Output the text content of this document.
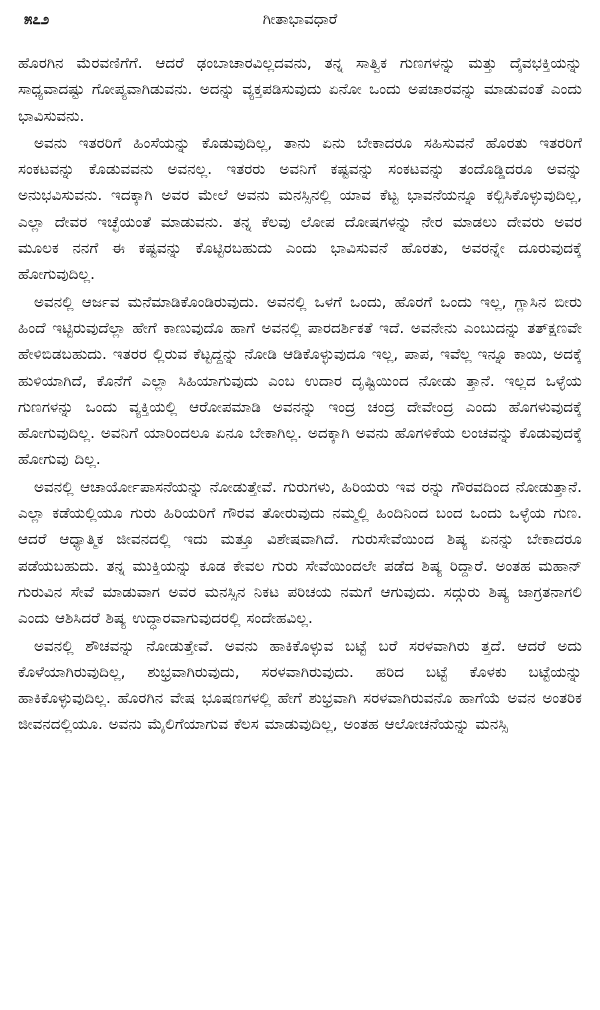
೫೭೨	ಗೀತಾಭಾವಧಾರೆ

ಹೊರಗಿನ ಮೆರವಣಿಗೆಗೆ. ಆದರೆ ಢಂಬಾಚಾರವಿಲ್ಲದವನು, ತನ್ನ ಸಾತ್ವಿಕ ಗುಣಗಳನ್ನು ಮತ್ತು ದೈವಭಕ್ತಿಯನ್ನು ಸಾಧ್ಯವಾದಷ್ಟು ಗೋಪ್ಯವಾಗಿಡುವನು. ಅದನ್ನು ವ್ಯಕ್ತಪಡಿಸುವುದು ಏನೋ ಒಂದು ಅಪಚಾರವನ್ನು ಮಾಡುವಂತೆ ಎಂದು ಭಾವಿಸುವನು.

ಅವನು ಇತರರಿಗೆ ಹಿಂಸೆಯನ್ನು ಕೊಡುವುದಿಲ್ಲ, ತಾನು ಏನು ಬೇಕಾದರೂ ಸಹಿಸುವನೆ ಹೊರತು ಇತರರಿಗೆ ಸಂಕಟವನ್ನು ಕೊಡುವವನು ಅವನಲ್ಲ. ಇತರರು ಅವನಿಗೆ ಕಷ್ಟವನ್ನು ಸಂಕಟವನ್ನು ತಂದೊಡ್ಡಿದರೂ ಅವನ್ನು ಅನುಭವಿಸುವನು. ಇದಕ್ಕಾಗಿ ಅವರ ಮೇಲೆ ಅವನು ಮನಸ್ಸಿನಲ್ಲಿ ಯಾವ ಕೆಟ್ಟ ಭಾವನೆಯನ್ನೂ ಕಲ್ಪಿಸಿಕೊಳ್ಳುವುದಿಲ್ಲ, ಎಲ್ಲಾ ದೇವರ ಇಚ್ಛೆಯಂತೆ ಮಾಡುವನು. ತನ್ನ ಕೆಲವು ಲೋಪ ದೋಷಗಳನ್ನು ನೇರ ಮಾಡಲು ದೇವರು ಅವರ ಮೂಲಕ ನನಗೆ ಈ ಕಷ್ಟವನ್ನು ಕೊಟ್ಟಿರಬಹುದು ಎಂದು ಭಾವಿಸುವನೆ ಹೊರತು, ಅವರನ್ನೇ ದೂರುವುದಕ್ಕೆ ಹೋಗುವುದಿಲ್ಲ.

ಅವನಲ್ಲಿ ಆರ್ಜವ ಮನೆಮಾಡಿಕೊಂಡಿರುವುದು. ಅವನಲ್ಲಿ ಒಳಗೆ ಒಂದು, ಹೊರಗೆ ಒಂದು ಇಲ್ಲ, ಗ್ಲಾಸಿನ ಬೀರು ಹಿಂದೆ ಇಟ್ಟಿರುವುದೆಲ್ಲಾ ಹೇಗೆ ಕಾಣುವುದೊ ಹಾಗೆ ಅವನಲ್ಲಿ ಪಾರದರ್ಶಿಕತೆ ಇದೆ. ಅವನೇನು ಎಂಬುದನ್ನು ತತ್‌ಕ್ಷಣವೇ ಹೇಳಿಬಿಡಬಹುದು. ಇತರರ ಲ್ಲಿರುವ ಕೆಟ್ಟದ್ದನ್ನು ನೋಡಿ ಆಡಿಕೊಳ್ಳುವುದೂ ಇಲ್ಲ, ಪಾಪ, ಇವೆಲ್ಲ ಇನ್ನೂ ಕಾಯಿ, ಅದಕ್ಕೆ ಹುಳಿಯಾಗಿದೆ, ಕೊನೆಗೆ ಎಲ್ಲಾ ಸಿಹಿಯಾಗುವುದು ಎಂಬ ಉದಾರ ದೃಷ್ಟಿಯಿಂದ ನೋಡು ತ್ತಾನೆ. ಇಲ್ಲದ ಒಳ್ಳೆಯ ಗುಣಗಳನ್ನು ಒಂದು ವ್ಯಕ್ತಿಯಲ್ಲಿ ಆರೋಪಮಾಡಿ ಅವನನ್ನು ಇಂದ್ರ ಚಂದ್ರ ದೇವೇಂದ್ರ ಎಂದು ಹೊಗಳುವುದಕ್ಕೆ ಹೋಗುವುದಿಲ್ಲ. ಅವನಿಗೆ ಯಾರಿಂದಲೂ ಏನೂ ಬೇಕಾಗಿಲ್ಲ. ಅದಕ್ಕಾಗಿ ಅವನು ಹೊಗಳಿಕೆಯ ಲಂಚವನ್ನು ಕೊಡುವುದಕ್ಕೆ ಹೋಗುವು ದಿಲ್ಲ.

ಅವನಲ್ಲಿ ಆಚಾರ್ಯೋಪಾಸನೆಯನ್ನು ನೋಡುತ್ತೇವೆ. ಗುರುಗಳು, ಹಿರಿಯರು ಇವ ರನ್ನು ಗೌರವದಿಂದ ನೋಡುತ್ತಾನೆ. ಎಲ್ಲಾ ಕಡೆಯಲ್ಲಿಯೂ ಗುರು ಹಿರಿಯರಿಗೆ ಗೌರವ ತೋರುವುದು ನಮ್ಮಲ್ಲಿ ಹಿಂದಿನಿಂದ ಬಂದ ಒಂದು ಒಳ್ಳೆಯ ಗುಣ. ಆದರೆ ಆಧ್ಯಾತ್ಮಿಕ ಜೀವನದಲ್ಲಿ ಇದು ಮತ್ತೂ ವಿಶೇಷವಾಗಿದೆ. ಗುರುಸೇವೆಯಿಂದ ಶಿಷ್ಯ ಏನನ್ನು ಬೇಕಾದರೂ ಪಡೆಯಬಹುದು. ತನ್ನ ಮುಕ್ತಿಯನ್ನು ಕೂಡ ಕೇವಲ ಗುರು ಸೇವೆಯಿಂದಲೇ ಪಡೆದ ಶಿಷ್ಯ ರಿದ್ದಾರೆ. ಅಂತಹ ಮಹಾನ್ ಗುರುವಿನ ಸೇವೆ ಮಾಡುವಾಗ ಅವರ ಮನಸ್ಸಿನ ನಿಕಟ ಪರಿಚಯ ನಮಗೆ ಆಗುವುದು. ಸದ್ಗುರು ಶಿಷ್ಯ ಜಾಗ್ರತನಾಗಲಿ ಎಂದು ಆಶಿಸಿದರೆ ಶಿಷ್ಯ ಉದ್ಧಾರವಾಗುವುದರಲ್ಲಿ ಸಂದೇಹವಿಲ್ಲ.

ಅವನಲ್ಲಿ ಶೌಚವನ್ನು ನೋಡುತ್ತೇವೆ. ಅವನು ಹಾಕಿಕೊಳ್ಳುವ ಬಟ್ಟೆ ಬರೆ ಸರಳವಾಗಿರು ತ್ತದೆ. ಆದರೆ ಅದು ಕೊಳೆಯಾಗಿರುವುದಿಲ್ಲ, ಶುಭ್ರವಾಗಿರುವುದು, ಸರಳವಾಗಿರುವುದು. ಹರಿದ ಬಟ್ಟೆ ಕೊಳಕು ಬಟ್ಟೆಯನ್ನು ಹಾಕಿಕೊಳ್ಳುವುದಿಲ್ಲ. ಹೊರಗಿನ ವೇಷ ಭೂಷಣಗಳಲ್ಲಿ ಹೇಗೆ ಶುಭ್ರವಾಗಿ ಸರಳವಾಗಿರುವನೊ ಹಾಗೆಯೆ ಅವನ ಅಂತರಿಕ ಜೀವನದಲ್ಲಿಯೂ. ಅವನು ಮೈಲಿಗೆಯಾಗುವ ಕೆಲಸ ಮಾಡುವುದಿಲ್ಲ, ಅಂತಹ ಆಲೋಚನೆಯನ್ನು ಮನಸ್ಸಿ
